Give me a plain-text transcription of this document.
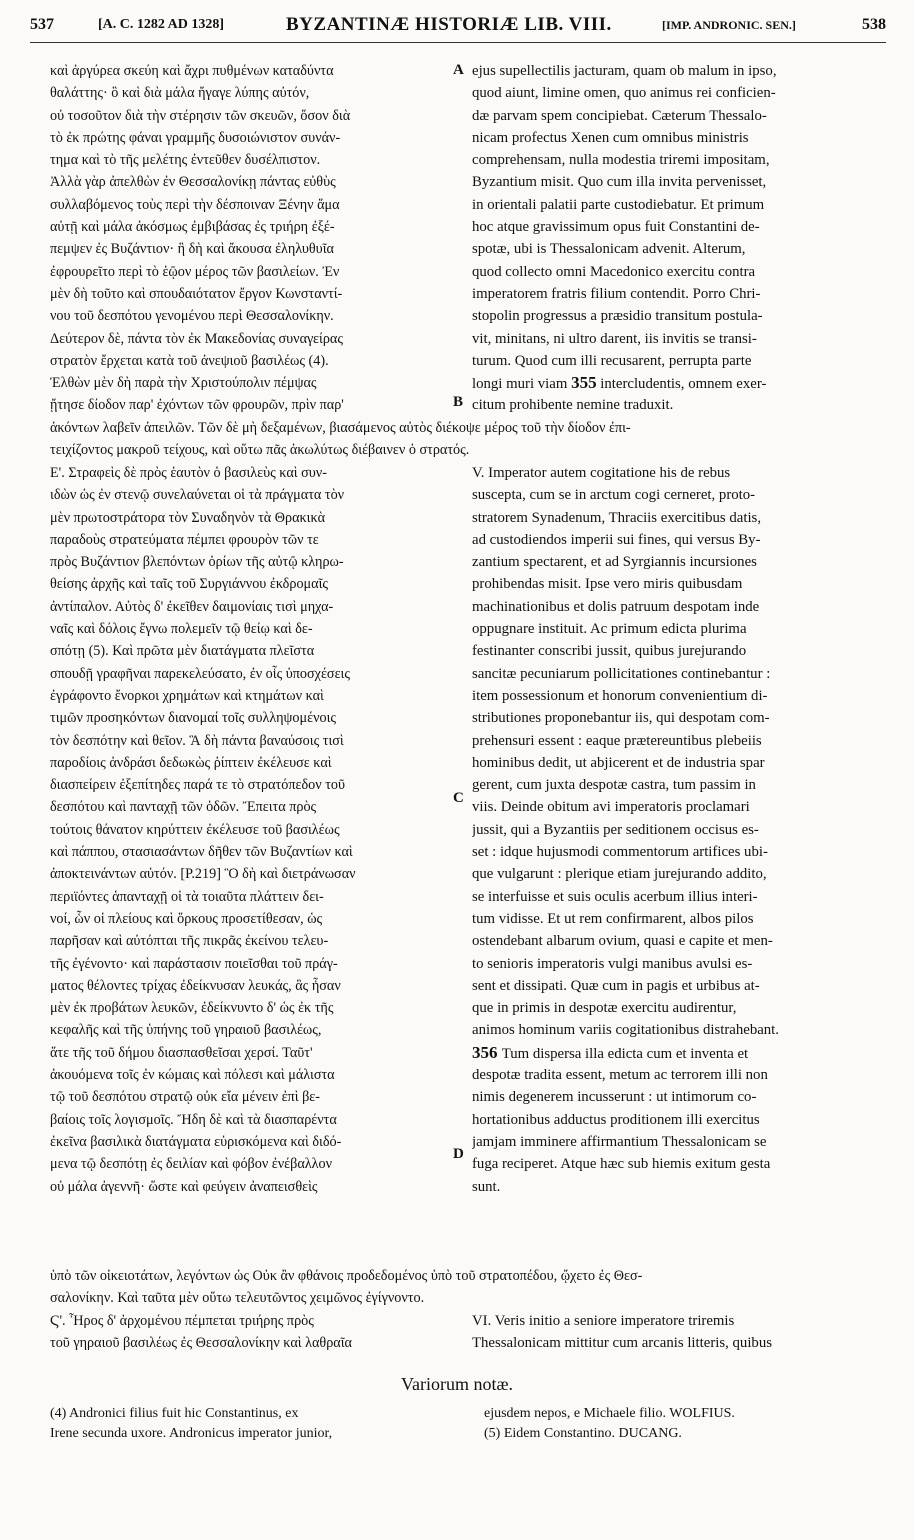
537	[A. C. 1282 AD 1328]	BYZANTINÆ HISTORIÆ LIB. VIII.	[IMP. ANDRONIC. SEN.]	538
καὶ ἀργύρεα σκεύη καὶ ἄχρι πυθμένων καταδύντα
θαλάττης· ὃ καὶ διὰ μάλα ἤγαγε λύπης αὐτόν,
οὐ τοσοῦτον διὰ τὴν στέρησιν τῶν σκευῶν, ὅσον διὰ
τὸ ἐκ πρώτης φάναι γραμμῆς δυσοιώνιστον συνάν-
τημα καὶ τὸ τῆς μελέτης ἐντεῦθεν δυσέλπιστον.
Ἀλλὰ γὰρ ἀπελθὼν ἐν Θεσσαλονίκῃ πάντας εὐθὺς
συλλαβόμενος τοὺς περὶ τὴν δέσποιναν Ξένην ἅμα
αὐτῇ καὶ μάλα ἀκόσμως ἐμβιβάσας ἐς τριήρη ἐξέ-
πεμψεν ἐς Βυζάντιον· ἣ δὴ καὶ ἄκουσα ἐληλυθυῖα
ἐφρουρεῖτο περὶ τὸ ἑῷον μέρος τῶν βασιλείων. Ἐν
μὲν δὴ τοῦτο καὶ σπουδαιότατον ἔργον Κωνσταντί-
νου τοῦ δεσπότου γενομένου περὶ Θεσσαλονίκην.
Δεύτερον δὲ, πάντα τὸν ἐκ Μακεδονίας συναγείρας
στρατὸν ἔρχεται κατὰ τοῦ ἀνεψιοῦ βασιλέως (4).
Ἐλθὼν μὲν δὴ παρὰ τὴν Χριστούπολιν πέμψας
ᾔτησε δίοδον παρ' ἐχόντων τῶν φρουρῶν, πρὶν παρ'
ejus supellectilis jacturam, quam ob malum in ipso,
quod aiunt, limine omen, quo animus rei conficien-
dæ parvam spem concipiebat. Cæterum Thessalo-
nicam profectus Xenen cum omnibus ministris
comprehensam, nulla modestia triremi impositam,
Byzantium misit. Quo cum illa invita pervenisset,
in orientali palatii parte custodiebatur. Et primum
hoc atque gravissimum opus fuit Constantini de-
spotæ, ubi is Thessalonicam advenit. Alterum,
quod collecto omni Macedonico exercitu contra
imperatorem fratris filium contendit. Porro Chri-
stopolin progressus a præsidio transitum postula-
vit, minitans, ni ultro darent, iis invitis se transi-
turum. Quod cum illi recusarent, perrupta parte
longi muri viam 355 intercludentis, omnem exer-
citum prohibente nemine traduxit.
A
B
ἀκόντων λαβεῖν ἀπειλῶν. Τῶν δὲ μὴ δεξαμένων, βιασάμενος αὐτὸς διέκοψε μέρος τοῦ τὴν δίοδον ἐπι-
τειχίζοντος μακροῦ τείχους, καὶ οὕτω πᾶς ἀκωλύτως διέβαινεν ὁ στρατός.
Ε'. Στραφεὶς δὲ πρὸς ἑαυτὸν ὁ βασιλεὺς καὶ συν-
ιδὼν ὡς ἐν στενῷ συνελαύνεται οἱ τὰ πράγματα τὸν
μὲν πρωτοστράτορα τὸν Συναδηνὸν τὰ Θρακικὰ
παραδοὺς στρατεύματα πέμπει φρουρὸν τῶν τε
πρὸς Βυζάντιον βλεπόντων ὁρίων τῆς αὐτῷ κληρω-
θείσης ἀρχῆς καὶ ταῖς τοῦ Συργιάννου ἐκδρομαῖς
ἀντίπαλον. Αὐτὸς δ' ἐκεῖθεν δαιμονίαις τισὶ μηχα-
ναῖς καὶ δόλοις ἔγνω πολεμεῖν τῷ θείῳ καὶ δε-
σπότῃ (5). Καὶ πρῶτα μὲν διατάγματα πλεῖστα
σπουδῇ γραφῆναι παρεκελεύσατο, ἐν οἷς ὑποσχέσεις
ἐγράφοντο ἔνορκοι χρημάτων καὶ κτημάτων καὶ
τιμῶν προσηκόντων διανομαί τοῖς συλληψομένοις
τὸν δεσπότην καὶ θεῖον. Ἃ δὴ πάντα βαναύσοις τισὶ
παροδίοις ἀνδράσι δεδωκὼς ῥίπτειν ἐκέλευσε καὶ
διασπείρειν ἐξεπίτηδες παρά τε τὸ στρατόπεδον τοῦ
δεσπότου καὶ πανταχῇ τῶν ὁδῶν. Ἔπειτα πρὸς
τούτοις θάνατον κηρύττειν ἐκέλευσε τοῦ βασιλέως
καὶ πάππου, στασιασάντων δῆθεν τῶν Βυζαντίων καὶ
ἀποκτεινάντων αὐτόν. [P.219] Ὃ δὴ καὶ διετράνωσαν
περιϊόντες ἁπανταχῇ οἱ τὰ τοιαῦτα πλάττειν δει-
νοί, ὧν οἱ πλείους καὶ ὅρκους προσετίθεσαν, ὡς
παρῆσαν καὶ αὐτόπται τῆς πικρᾶς ἐκείνου τελευ-
τῆς ἐγένοντο· καὶ παράστασιν ποιεῖσθαι τοῦ πράγ-
ματος θέλοντες τρίχας ἐδείκνυσαν λευκάς, ἃς ἦσαν
μὲν ἐκ προβάτων λευκῶν, ἐδείκνυντο δ' ὡς ἐκ τῆς
κεφαλῆς καὶ τῆς ὑπήνης τοῦ γηραιοῦ βασιλέως,
ἅτε τῆς τοῦ δήμου διασπασθεῖσαι χερσί. Ταῦτ'
ἀκουόμενα τοῖς ἐν κώμαις καὶ πόλεσι καὶ μάλιστα
τῷ τοῦ δεσπότου στρατῷ οὐκ εἴα μένειν ἐπὶ βε-
βαίοις τοῖς λογισμοῖς. Ἤδη δὲ καὶ τὰ διασπαρέντα
ἐκεῖνα βασιλικὰ διατάγματα εὑρισκόμενα καὶ διδό-
μενα τῷ δεσπότῃ ἐς δειλίαν καὶ φόβον ἐνέβαλλον
οὐ μάλα ἀγεννῆ· ὥστε καὶ φεύγειν ἀναπεισθεὶς
V. Imperator autem cogitatione his de rebus
suscepta, cum se in arctum cogi cerneret, proto-
stratorem Synadenum, Thraciis exercitibus datis,
ad custodiendos imperii sui fines, qui versus By-
zantium spectarent, et ad Syrgiannis incursiones
prohibendas misit. Ipse vero miris quibusdam
machinationibus et dolis patruum despotam inde
oppugnare instituit. Ac primum edicta plurima
festinanter conscribi jussit, quibus jurejurando
sancitæ pecuniarum pollicitationes continebantur :
item possessionum et honorum convenientium di-
stributiones proponebantur iis, qui despotam com-
prehensuri essent : eaque prætereuntibus plebeiis
hominibus dedit, ut abjicerent et de industria spar
gerent, cum juxta despotæ castra, tum passim in
viis. Deinde obitum avi imperatoris proclamari
jussit, qui a Byzantiis per seditionem occisus es-
set : idque hujusmodi commentorum artifices ubi-
que vulgarunt : plerique etiam jurejurando addito,
se interfuisse et suis oculis acerbum illius interi-
tum vidisse. Et ut rem confirmarent, albos pilos
ostendebant albarum ovium, quasi e capite et men-
to senioris imperatoris vulgi manibus avulsi es-
sent et dissipati. Quæ cum in pagis et urbibus at-
que in primis in despotæ exercitu audirentur,
animos hominum variis cogitationibus distrahebant.
356 Tum dispersa illa edicta cum et inventa et
despotæ tradita essent, metum ac terrorem illi non
nimis degenerem incusserunt : ut intimorum co-
hortationibus adductus proditionem illi exercitus
jamjam imminere affirmantium Thessalonicam se
fuga reciperet. Atque hæc sub hiemis exitum gesta
sunt.
C
D
ὑπὸ τῶν οἰκειοτάτων, λεγόντων ὡς Οὐκ ἂν φθάνοις προδεδομένος ὑπὸ τοῦ στρατοπέδου, ᾤχετο ἐς Θεσ-
σαλονίκην. Καὶ ταῦτα μὲν οὕτω τελευτῶντος χειμῶνος ἐγίγνοντο.
Ϛ'. Ἦρος δ' ἀρχομένου πέμπεται τριήρης πρὸς
τοῦ γηραιοῦ βασιλέως ἐς Θεσσαλονίκην καὶ λαθραῖα
VI. Veris initio a seniore imperatore triremis
Thessalonicam mittitur cum arcanis litteris, quibus
Variorum notæ.
(4) Andronici filius fuit hic Constantinus, ex
Irene secunda uxore. Andronicus imperator junior,
ejusdem nepos, e Michaele filio. WOLFIUS.
(5) Eidem Constantino. DUCANG.
